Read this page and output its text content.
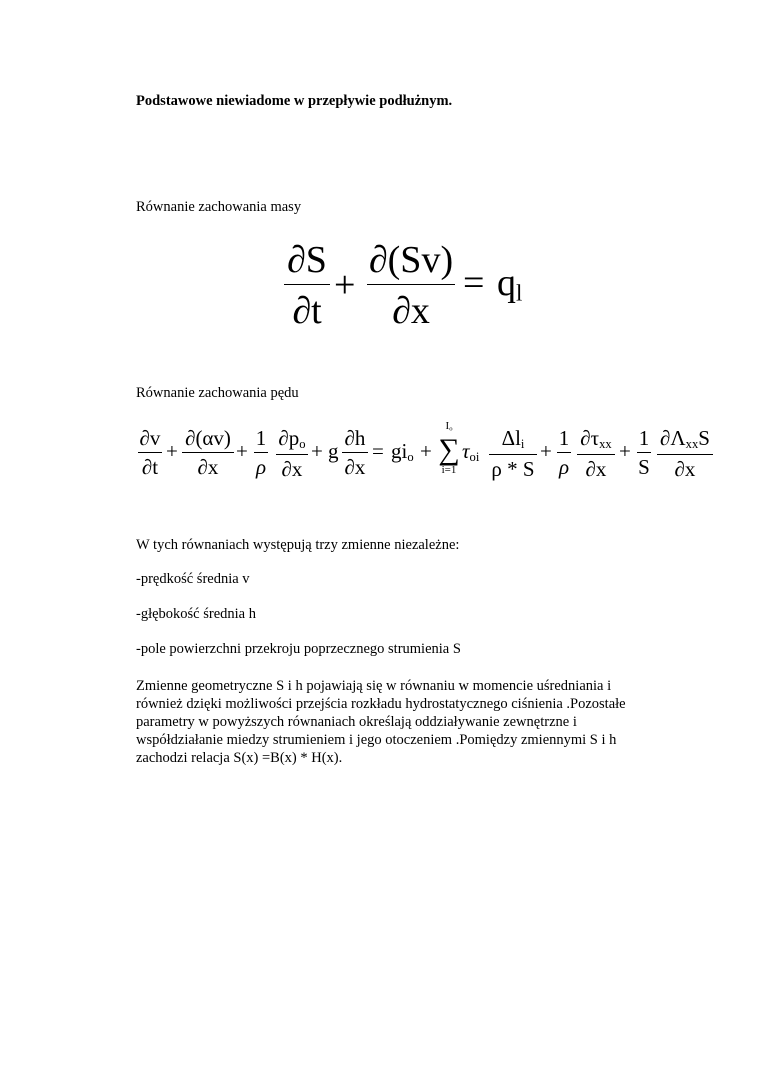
Podstawowe niewiadome w przepływie podłużnym.
Równanie zachowania masy
∂S
∂t
+
∂(Sv)
∂x
= $q_l$
Równanie zachowania pędu
∂v
∂t
+
∂(αv)
∂x
+
1
ρ
$\partial p_o$
∂x
+ g
∂h
∂x
= $gi_o$ +
$I_o$
∑
i=1
$\tau_{oi}$
$\Delta l_i$
ρ * S
+
1
ρ
$\partial\tau_{xx}$
∂x
+
1
S
$\partial\Lambda_{xx}S$
∂x
W tych równaniach występują trzy zmienne niezależne:
-prędkość średnia v
-głębokość średnia h
-pole powierzchni przekroju poprzecznego strumienia S
Zmienne geometryczne S i h pojawiają się w równaniu w momencie uśredniania i
również dzięki możliwości przejścia rozkładu hydrostatycznego ciśnienia .Pozostałe
parametry w powyższych równaniach określają oddziaływanie zewnętrzne i
współdziałanie miedzy strumieniem i jego otoczeniem .Pomiędzy zmiennymi S i h
zachodzi relacja S(x) =B(x) * H(x).
